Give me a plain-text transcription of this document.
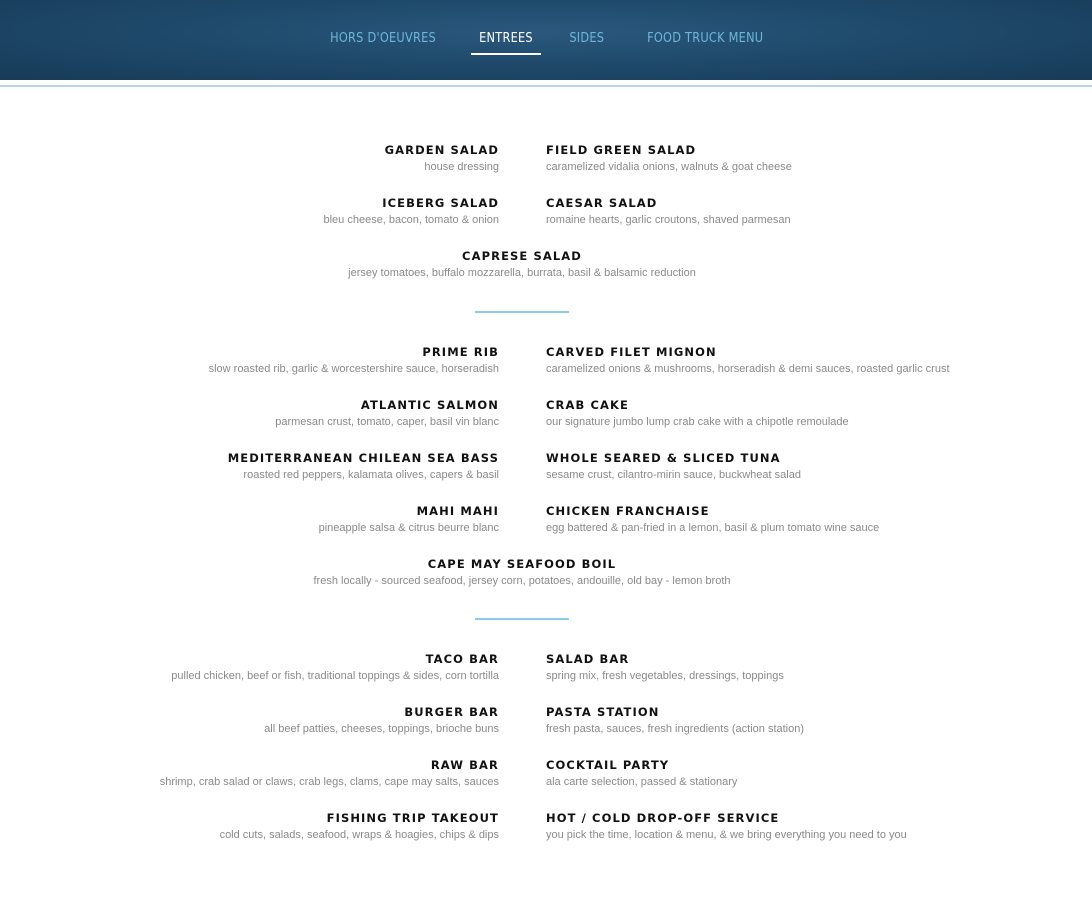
HORS D'OEUVRES	ENTREES	SIDES	FOOD TRUCK MENU
GARDEN SALAD
house dressing
FIELD GREEN SALAD
caramelized vidalia onions, walnuts & goat cheese
ICEBERG SALAD
bleu cheese, bacon, tomato & onion
CAESAR SALAD
romaine hearts, garlic croutons, shaved parmesan
CAPRESE SALAD
jersey tomatoes, buffalo mozzarella, burrata, basil & balsamic reduction
PRIME RIB
slow roasted rib, garlic & worcestershire sauce, horseradish
CARVED FILET MIGNON
caramelized onions & mushrooms, horseradish & demi sauces, roasted garlic crust
ATLANTIC SALMON
parmesan crust, tomato, caper, basil vin blanc
CRAB CAKE
our signature jumbo lump crab cake with a chipotle remoulade
MEDITERRANEAN CHILEAN SEA BASS
roasted red peppers, kalamata olives, capers & basil
WHOLE SEARED & SLICED TUNA
sesame crust, cilantro-mirin sauce, buckwheat salad
MAHI MAHI
pineapple salsa & citrus beurre blanc
CHICKEN FRANCHAISE
egg battered & pan-fried in a lemon, basil & plum tomato wine sauce
CAPE MAY SEAFOOD BOIL
fresh locally - sourced seafood, jersey corn, potatoes, andouille, old bay - lemon broth
TACO BAR
pulled chicken, beef or fish, traditional toppings & sides, corn tortilla
SALAD BAR
spring mix, fresh vegetables, dressings, toppings
BURGER BAR
all beef patties, cheeses, toppings, brioche buns
PASTA STATION
fresh pasta, sauces, fresh ingredients (action station)
RAW BAR
shrimp, crab salad or claws, crab legs, clams, cape may salts, sauces
COCKTAIL PARTY
ala carte selection, passed & stationary
FISHING TRIP TAKEOUT
cold cuts, salads, seafood, wraps & hoagies, chips & dips
HOT / COLD DROP-OFF SERVICE
you pick the time, location & menu, & we bring everything you need to you
